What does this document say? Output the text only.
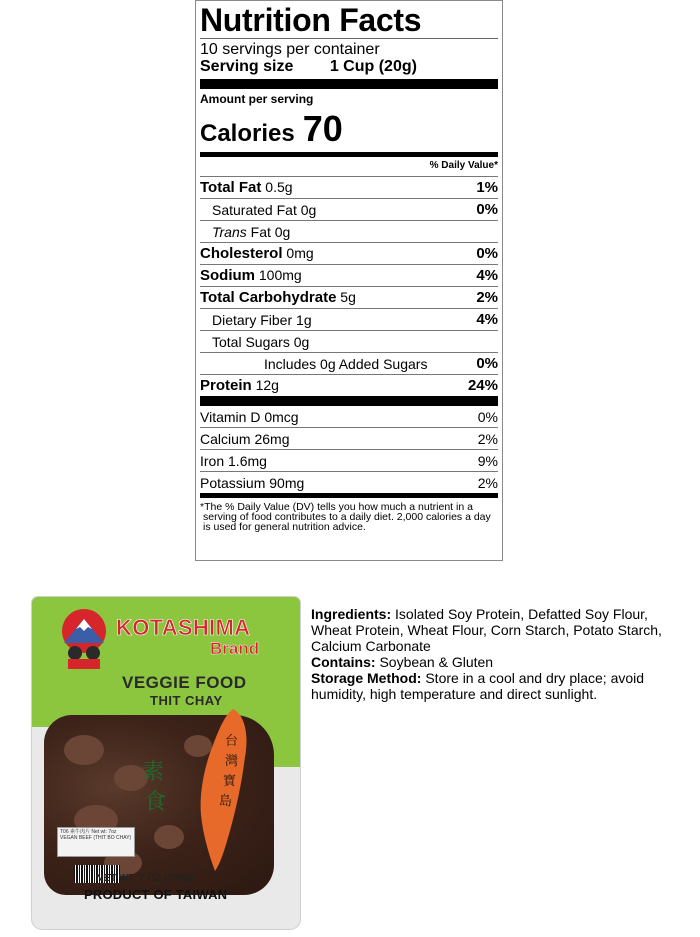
Nutrition Facts
10 servings per container
Serving size 1 Cup (20g)
Amount per serving
Calories 70
% Daily Value*
Total Fat 0.5g	1%
Saturated Fat 0g	0%
Trans Fat 0g
Cholesterol 0mg	0%
Sodium 100mg	4%
Total Carbohydrate 5g	2%
Dietary Fiber 1g	4%
Total Sugars 0g
Includes 0g Added Sugars	0%
Protein 12g	24%
Vitamin D 0mcg	0%
Calcium 26mg	2%
Iron 1.6mg	9%
Potassium 90mg	2%
*The % Daily Value (DV) tells you how much a nutrient in a serving of food contributes to a daily diet. 2,000 calories a day is used for general nutrition advice.
KOTASHIMA
Brand
VEGGIE FOOD
THIT CHAY
素
食
台
灣
寶
島
T06 素牛肉片 Net wt: 7oz VEGAN BEEF (THIT BO CHAY)
NET WT. 7 OZ (200g)
PRODUCT OF TAIWAN

Ingredients: Isolated Soy Protein, Defatted Soy Flour, Wheat Protein, Wheat Flour, Corn Starch, Potato Starch, Calcium Carbonate

Contains: Soybean & Gluten

Storage Method: Store in a cool and dry place; avoid humidity, high temperature and direct sunlight.
